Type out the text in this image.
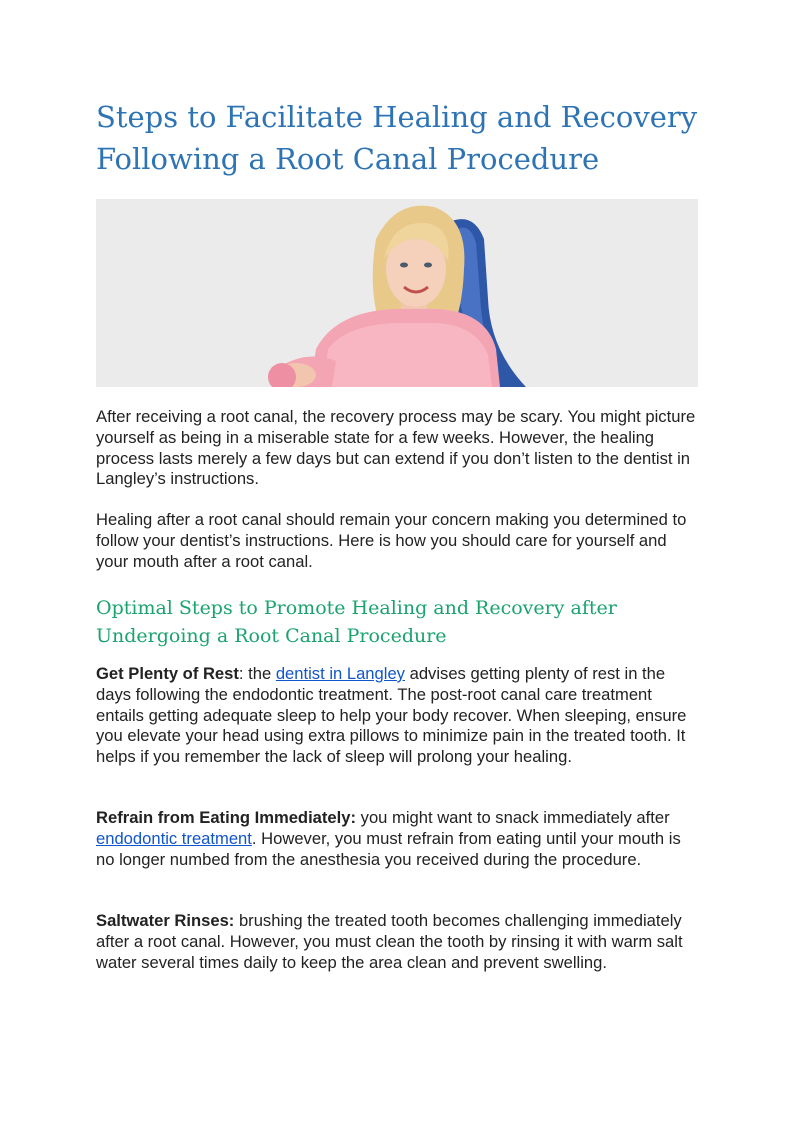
Steps to Facilitate Healing and Recovery Following a Root Canal Procedure

After receiving a root canal, the recovery process may be scary. You might picture yourself as being in a miserable state for a few weeks. However, the healing process lasts merely a few days but can extend if you don’t listen to the dentist in Langley’s instructions.

Healing after a root canal should remain your concern making you determined to follow your dentist’s instructions. Here is how you should care for yourself and your mouth after a root canal.

Optimal Steps to Promote Healing and Recovery after Undergoing a Root Canal Procedure

Get Plenty of Rest: the dentist in Langley advises getting plenty of rest in the days following the endodontic treatment. The post-root canal care treatment entails getting adequate sleep to help your body recover. When sleeping, ensure you elevate your head using extra pillows to minimize pain in the treated tooth. It helps if you remember the lack of sleep will prolong your healing.

Refrain from Eating Immediately: you might want to snack immediately after endodontic treatment. However, you must refrain from eating until your mouth is no longer numbed from the anesthesia you received during the procedure.

Saltwater Rinses: brushing the treated tooth becomes challenging immediately after a root canal. However, you must clean the tooth by rinsing it with warm salt water several times daily to keep the area clean and prevent swelling.
